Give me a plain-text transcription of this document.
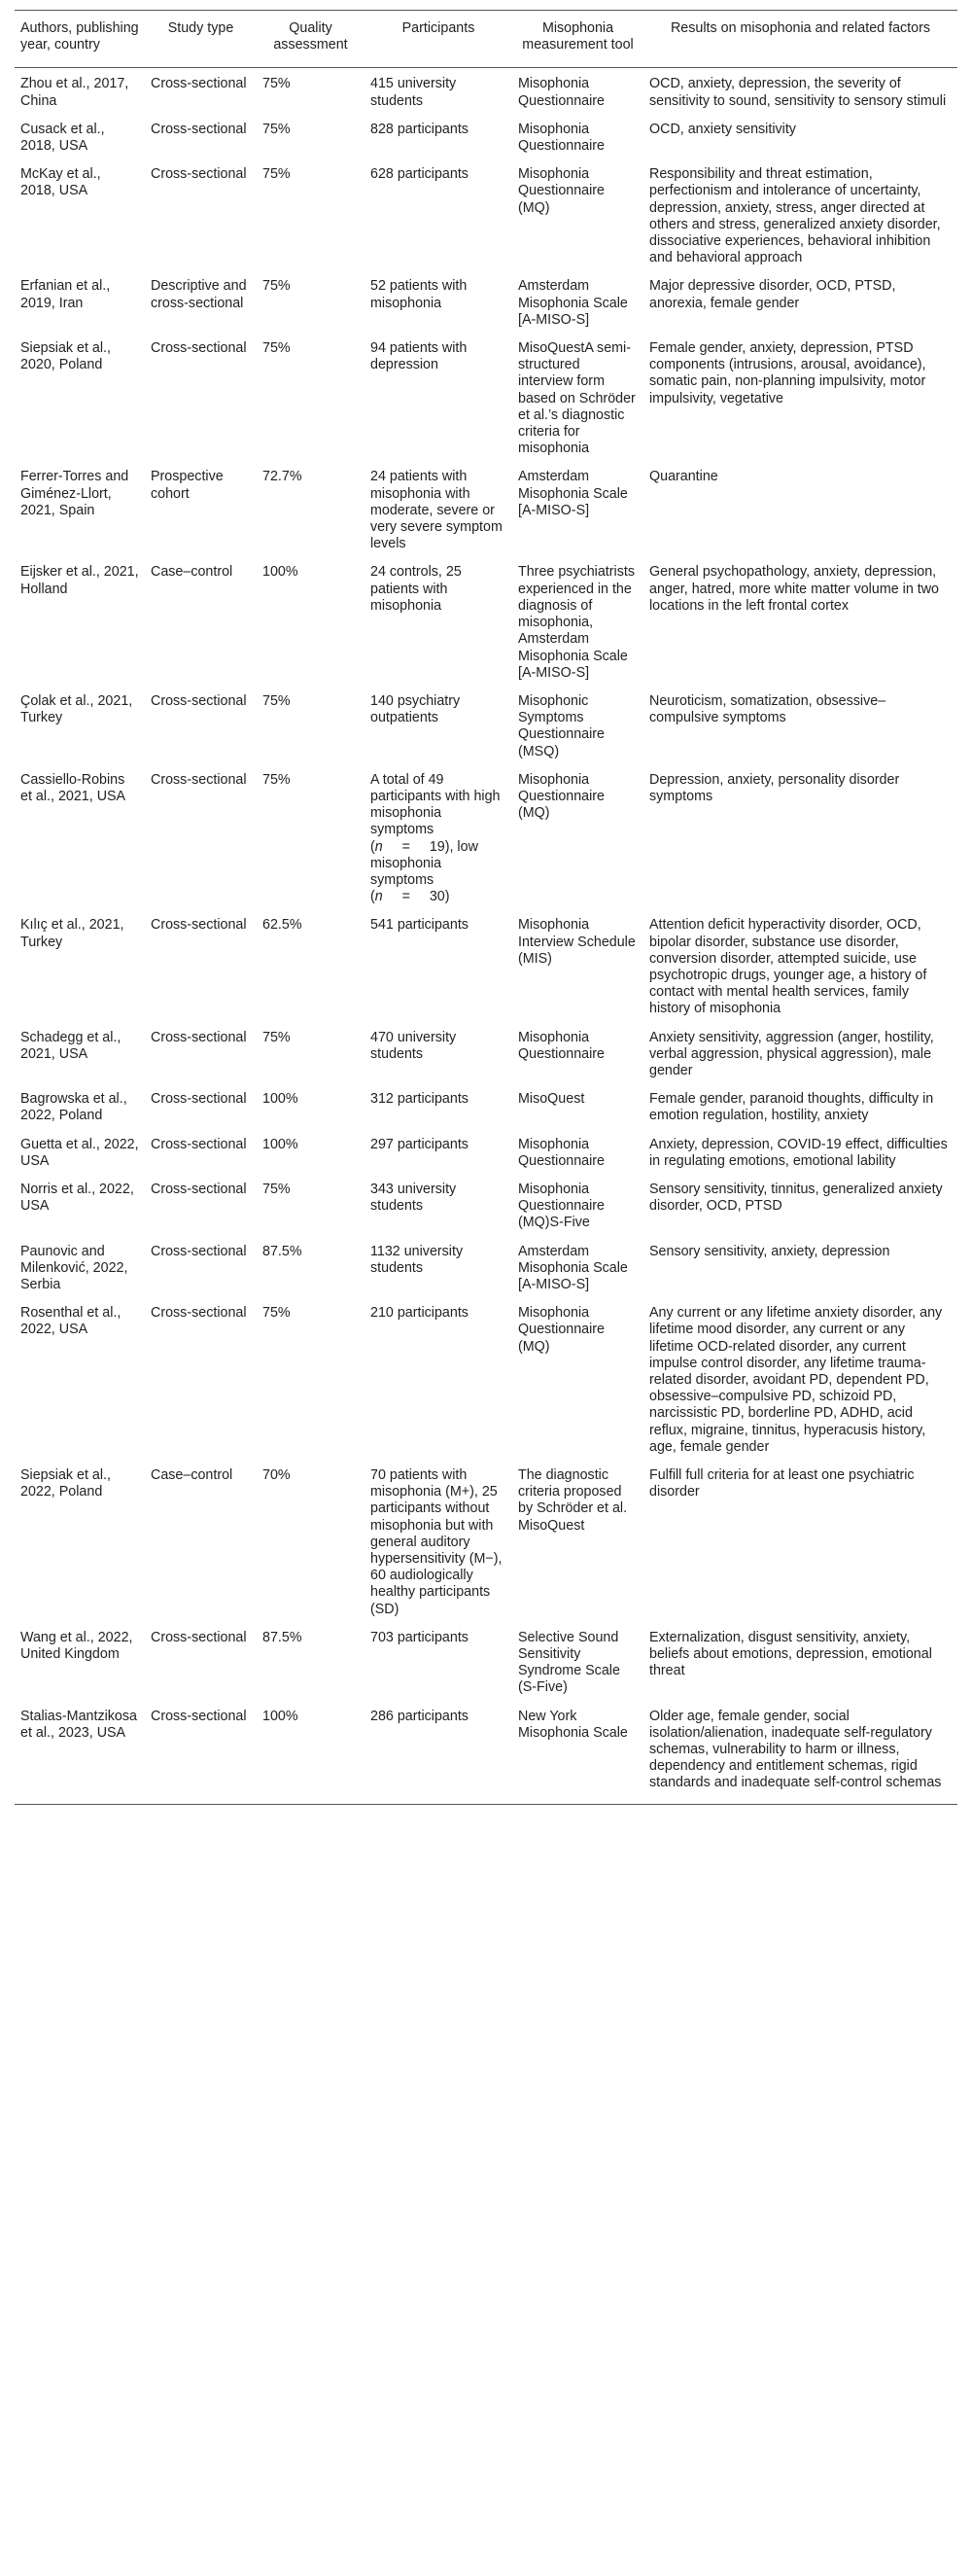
Authors, publishing year, country	Study type	Quality assessment	Participants	Misophonia measurement tool	Results on misophonia and related factors
Zhou et al., 2017, China	Cross-sectional	75%	415 university students	Misophonia Questionnaire	OCD, anxiety, depression, the severity of sensitivity to sound, sensitivity to sensory stimuli
Cusack et al., 2018, USA	Cross-sectional	75%	828 participants	Misophonia Questionnaire	OCD, anxiety sensitivity
McKay et al., 2018, USA	Cross-sectional	75%	628 participants	Misophonia Questionnaire (MQ)	Responsibility and threat estimation, perfectionism and intolerance of uncertainty, depression, anxiety, stress, anger directed at others and stress, generalized anxiety disorder, dissociative experiences, behavioral inhibition and behavioral approach
Erfanian et al., 2019, Iran	Descriptive and cross-sectional	75%	52 patients with misophonia	Amsterdam Misophonia Scale [A-MISO-S]	Major depressive disorder, OCD, PTSD, anorexia, female gender
Siepsiak et al., 2020, Poland	Cross-sectional	75%	94 patients with depression	MisoQuestA semi-structured interview form based on Schröder et al.’s diagnostic criteria for misophonia	Female gender, anxiety, depression, PTSD components (intrusions, arousal, avoidance), somatic pain, non-planning impulsivity, motor impulsivity, vegetative
Ferrer-Torres and Giménez-Llort, 2021, Spain	Prospective cohort	72.7%	24 patients with misophonia with moderate, severe or very severe symptom levels	Amsterdam Misophonia Scale [A-MISO-S]	Quarantine
Eijsker et al., 2021, Holland	Case–control	100%	24 controls, 25 patients with misophonia	Three psychiatrists experienced in the diagnosis of misophonia, Amsterdam Misophonia Scale [A-MISO-S]	General psychopathology, anxiety, depression, anger, hatred, more white matter volume in two locations in the left frontal cortex
Çolak et al., 2021, Turkey	Cross-sectional	75%	140 psychiatry outpatients	Misophonic Symptoms Questionnaire (MSQ)	Neuroticism, somatization, obsessive–compulsive symptoms
Cassiello-Robins et al., 2021, USA	Cross-sectional	75%	A total of 49 participants with high misophonia symptoms (n = 19), low misophonia symptoms (n = 30)	Misophonia Questionnaire (MQ)	Depression, anxiety, personality disorder symptoms
Kılıç et al., 2021, Turkey	Cross-sectional	62.5%	541 participants	Misophonia Interview Schedule (MIS)	Attention deficit hyperactivity disorder, OCD, bipolar disorder, substance use disorder, conversion disorder, attempted suicide, use psychotropic drugs, younger age, a history of contact with mental health services, family history of misophonia
Schadegg et al., 2021, USA	Cross-sectional	75%	470 university students	Misophonia Questionnaire	Anxiety sensitivity, aggression (anger, hostility, verbal aggression, physical aggression), male gender
Bagrowska et al., 2022, Poland	Cross-sectional	100%	312 participants	MisoQuest	Female gender, paranoid thoughts, difficulty in emotion regulation, hostility, anxiety
Guetta et al., 2022, USA	Cross-sectional	100%	297 participants	Misophonia Questionnaire	Anxiety, depression, COVID-19 effect, difficulties in regulating emotions, emotional lability
Norris et al., 2022, USA	Cross-sectional	75%	343 university students	Misophonia Questionnaire (MQ)S-Five	Sensory sensitivity, tinnitus, generalized anxiety disorder, OCD, PTSD
Paunovic and Milenković, 2022, Serbia	Cross-sectional	87.5%	1132 university students	Amsterdam Misophonia Scale [A-MISO-S]	Sensory sensitivity, anxiety, depression
Rosenthal et al., 2022, USA	Cross-sectional	75%	210 participants	Misophonia Questionnaire (MQ)	Any current or any lifetime anxiety disorder, any lifetime mood disorder, any current or any lifetime OCD-related disorder, any current impulse control disorder, any lifetime trauma-related disorder, avoidant PD, dependent PD, obsessive–compulsive PD, schizoid PD, narcissistic PD, borderline PD, ADHD, acid reflux, migraine, tinnitus, hyperacusis history, age, female gender
Siepsiak et al., 2022, Poland	Case–control	70%	70 patients with misophonia (M+), 25 participants without misophonia but with general auditory hypersensitivity (M−), 60 audiologically healthy participants (SD)	The diagnostic criteria proposed by Schröder et al. MisoQuest	Fulfill full criteria for at least one psychiatric disorder
Wang et al., 2022, United Kingdom	Cross-sectional	87.5%	703 participants	Selective Sound Sensitivity Syndrome Scale (S-Five)	Externalization, disgust sensitivity, anxiety, beliefs about emotions, depression, emotional threat
Stalias-Mantzikosa et al., 2023, USA	Cross-sectional	100%	286 participants	New York Misophonia Scale	Older age, female gender, social isolation/alienation, inadequate self-regulatory schemas, vulnerability to harm or illness, dependency and entitlement schemas, rigid standards and inadequate self-control schemas
